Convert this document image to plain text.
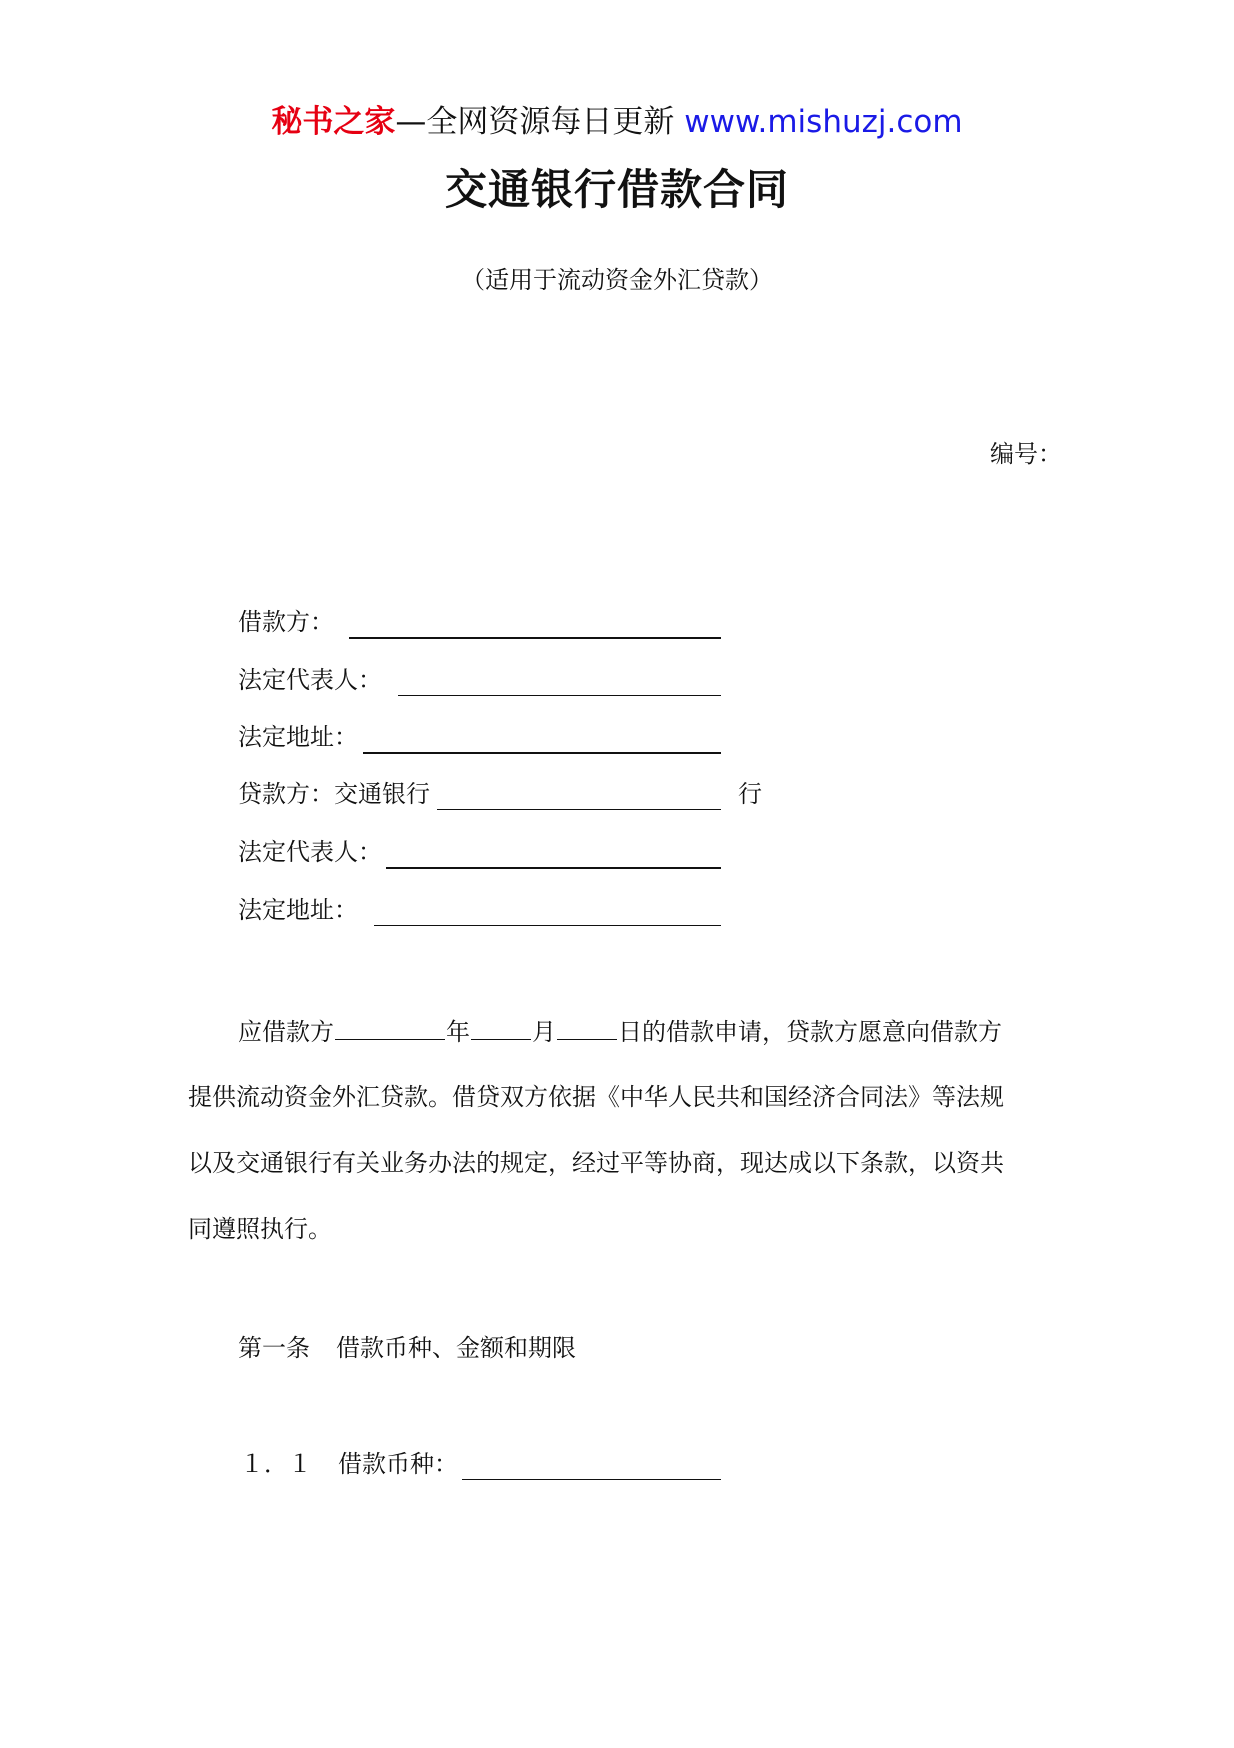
秘书之家—全网资源每日更新 www.mishuzj.com
交通银行借款合同
（适用于流动资金外汇贷款）
编号：
借款方：
法定代表人：
法定地址：
贷款方：交通银行	行
法定代表人：
法定地址：
应借款方	年	月	日的借款申请，贷款方愿意向借款方
提供流动资金外汇贷款。借贷双方依据《中华人民共和国经济合同法》等法规
以及交通银行有关业务办法的规定，经过平等协商，现达成以下条款，以资共
同遵照执行。
第一条 借款币种、金额和期限
１．１ 借款币种：
